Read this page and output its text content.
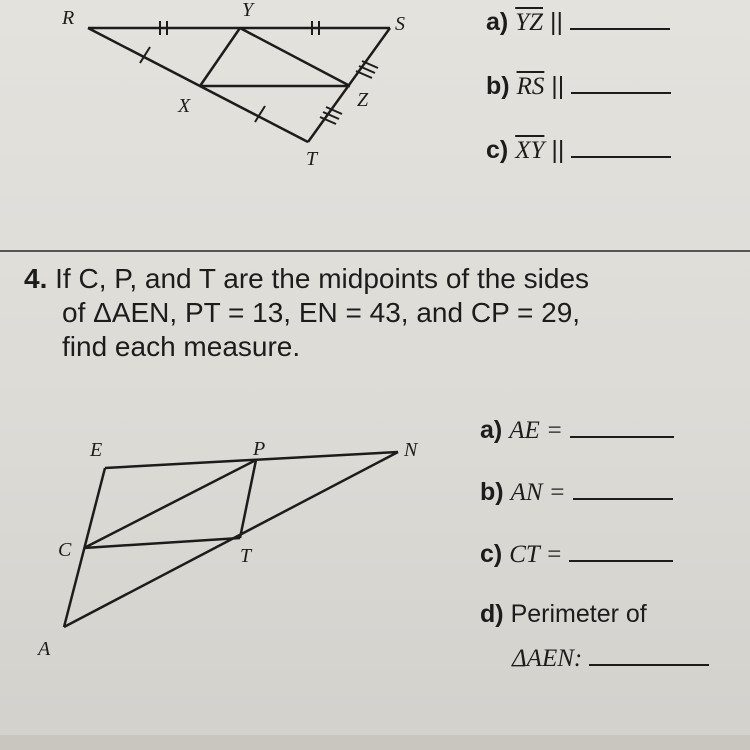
R	Y
S
X	Z
T
a) $\overline{YZ}$ ||
b) $\overline{RS}$ ||
c) $\overline{XY}$ ||
4. If C, P, and T are the midpoints of the sides
of ΔAEN, PT = 13, EN = 43, and CP = 29,
find each measure.
E	P	N
C	T
A
a) AE =
b) AN =
c) CT =
d) Perimeter of
ΔAEN:
